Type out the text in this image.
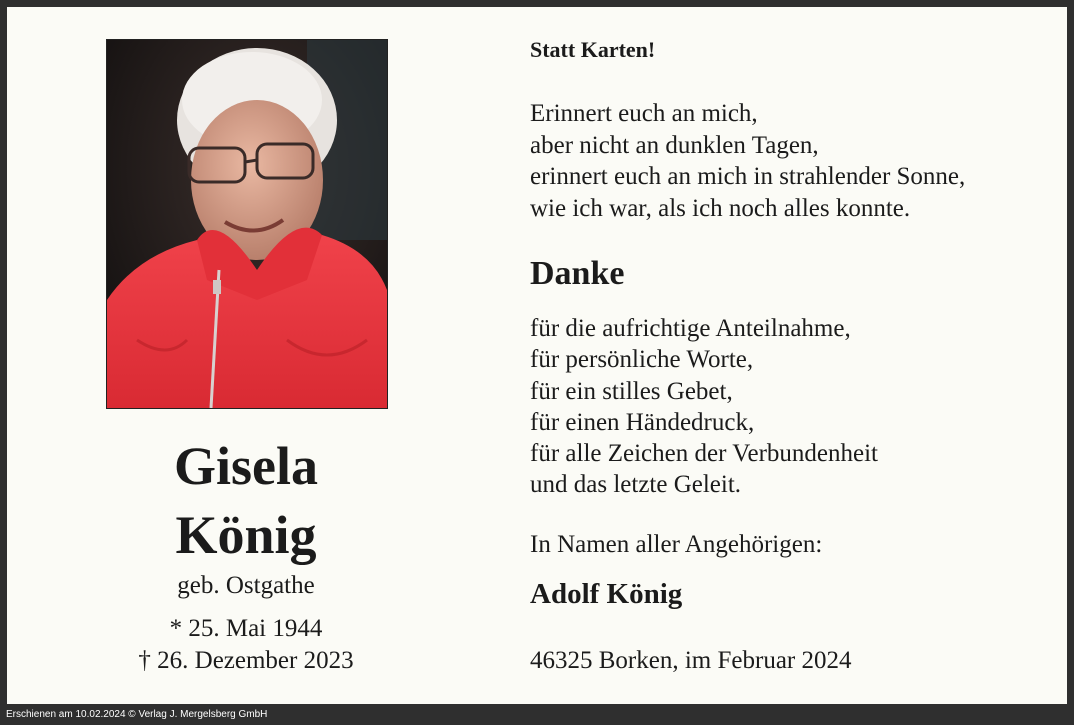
Gisela
König
geb. Ostgathe
* 25. Mai 1944
† 26. Dezember 2023
Statt Karten!
Erinnert euch an mich,
aber nicht an dunklen Tagen,
erinnert euch an mich in strahlender Sonne,
wie ich war, als ich noch alles konnte.
Danke
für die aufrichtige Anteilnahme,
für persönliche Worte,
für ein stilles Gebet,
für einen Händedruck,
für alle Zeichen der Verbundenheit
und das letzte Geleit.
In Namen aller Angehörigen:
Adolf König
46325 Borken, im Februar 2024
Erschienen am 10.02.2024 © Verlag J. Mergelsberg GmbH
